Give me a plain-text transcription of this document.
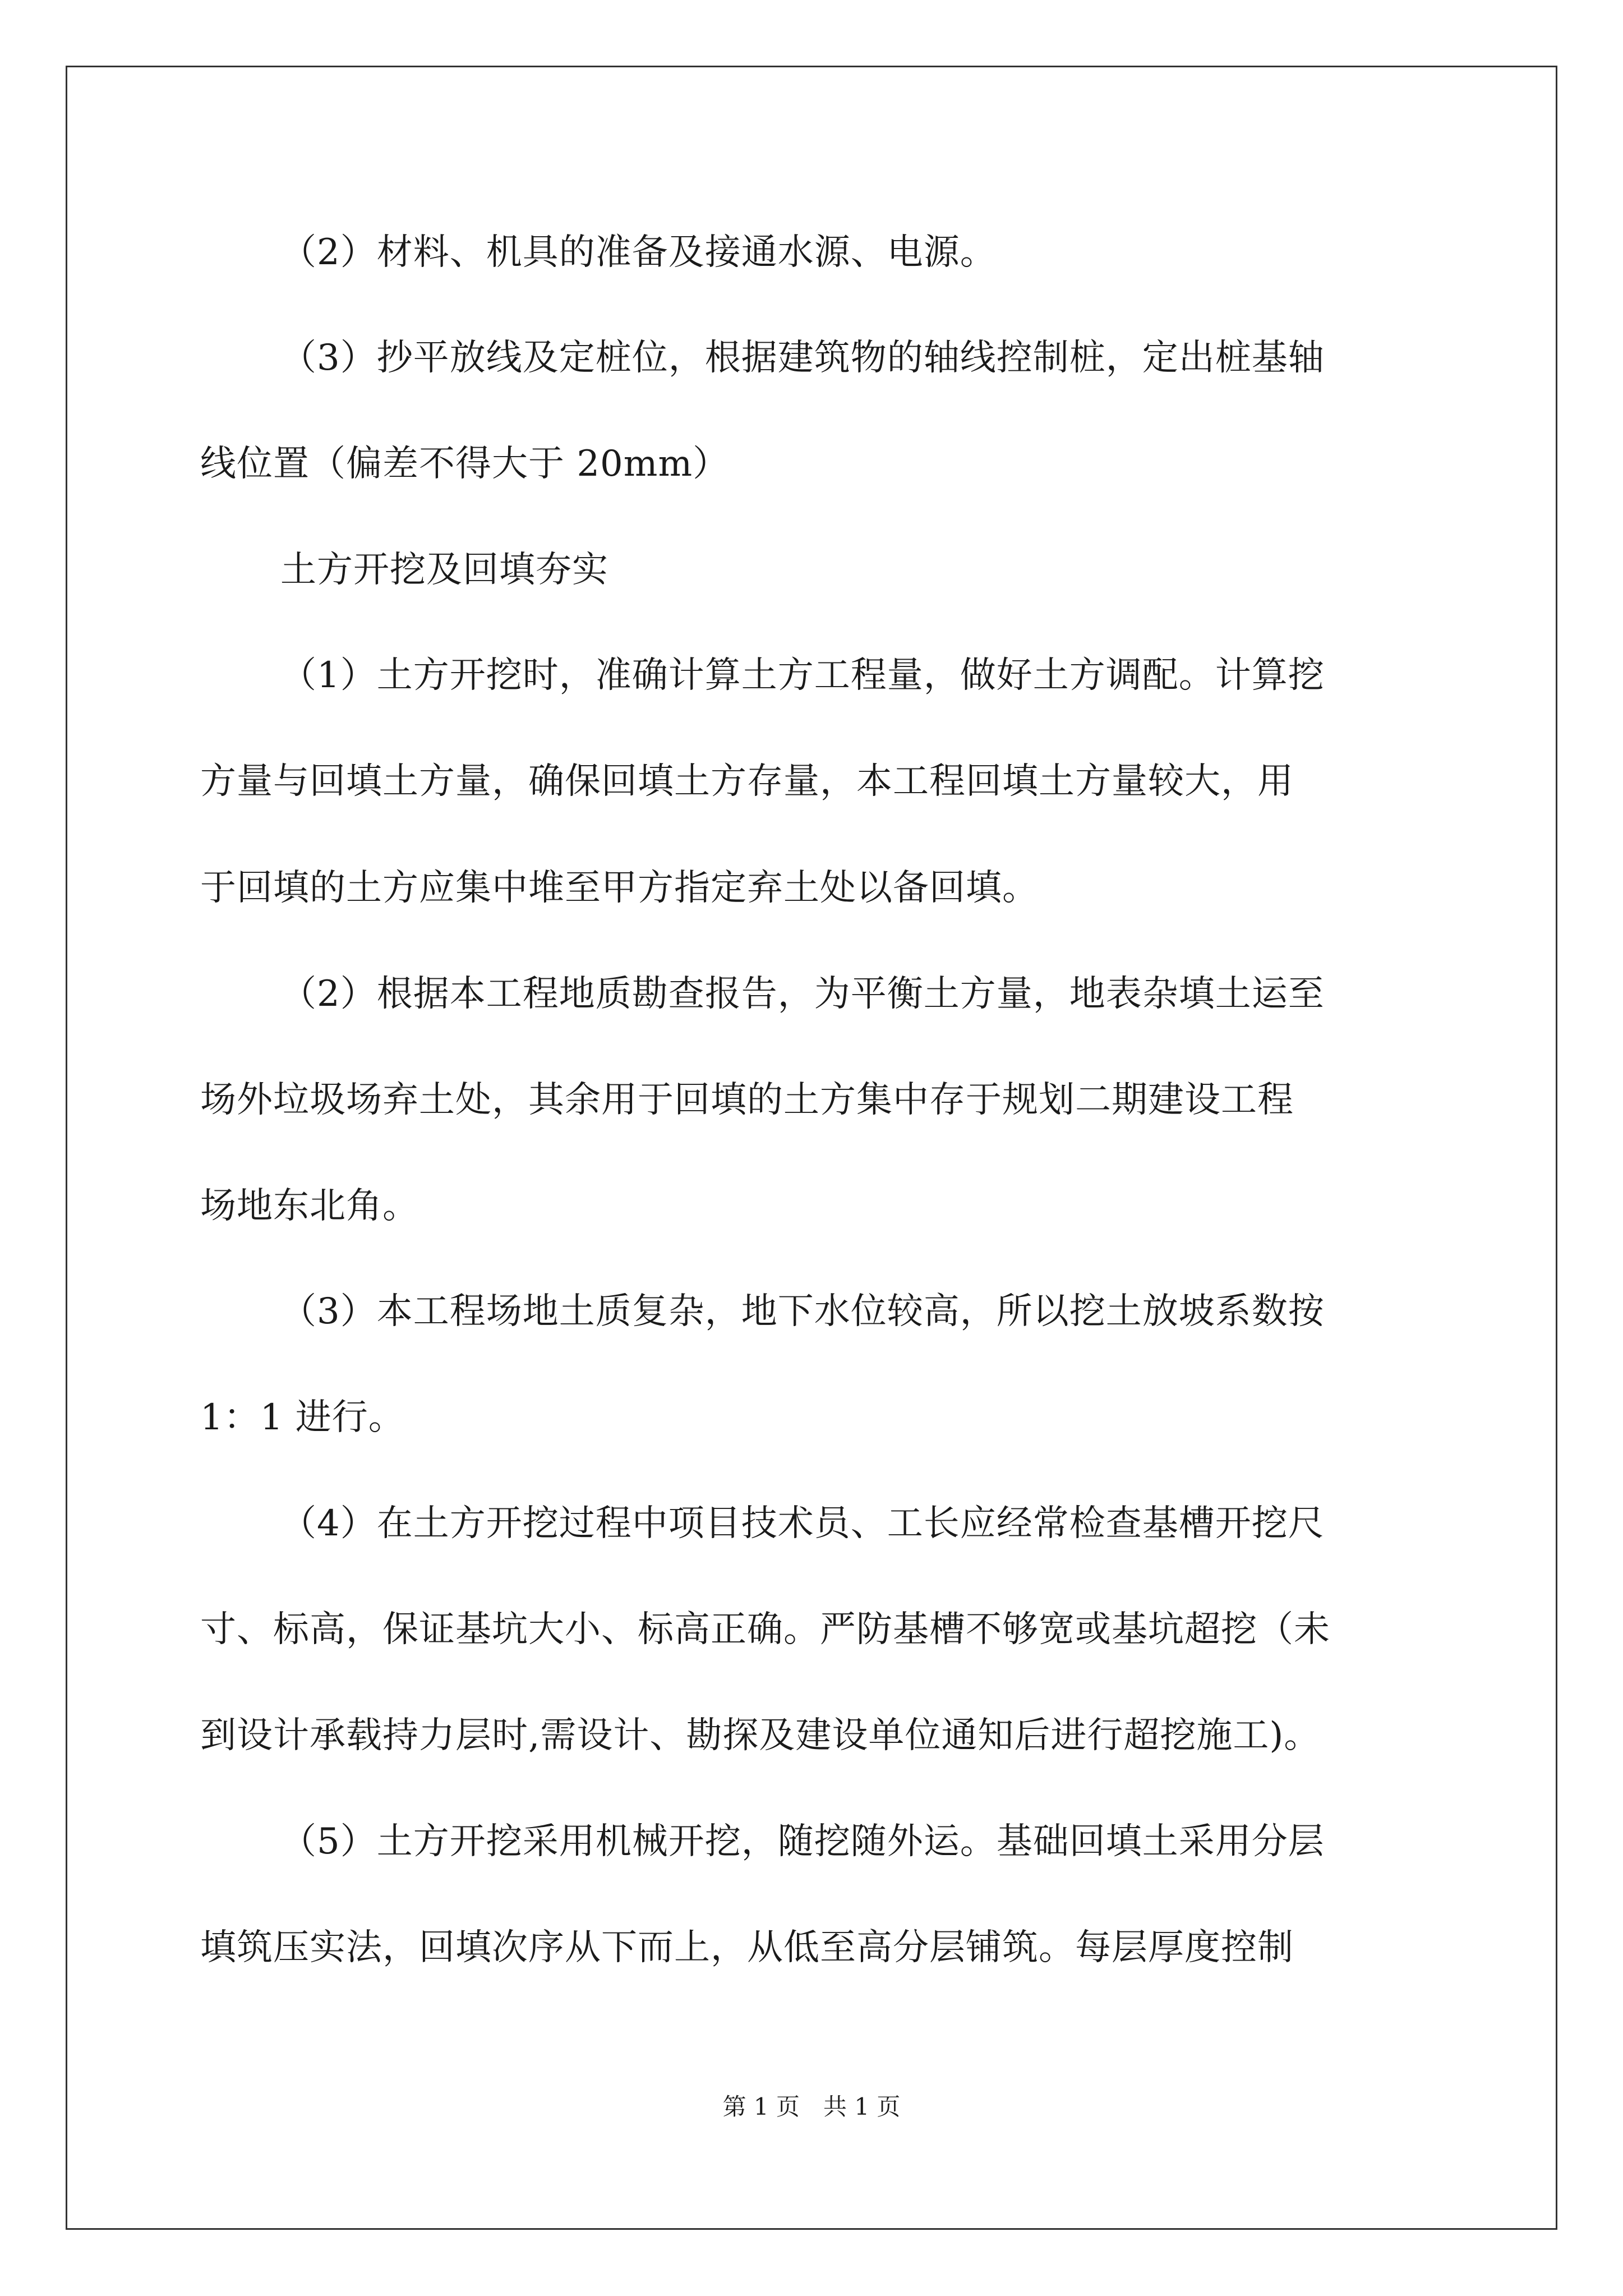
（2）材料、机具的准备及接通水源、电源。
（3）抄平放线及定桩位，根据建筑物的轴线控制桩，定出桩基轴
线位置（偏差不得大于 20mm）
土方开挖及回填夯实
（1）土方开挖时，准确计算土方工程量，做好土方调配。计算挖
方量与回填土方量，确保回填土方存量，本工程回填土方量较大，用
于回填的土方应集中堆至甲方指定弃土处以备回填。
（2）根据本工程地质勘查报告，为平衡土方量，地表杂填土运至
场外垃圾场弃土处，其余用于回填的土方集中存于规划二期建设工程
场地东北角。
（3）本工程场地土质复杂，地下水位较高，所以挖土放坡系数按
1：1 进行。
（4）在土方开挖过程中项目技术员、工长应经常检查基槽开挖尺
寸、标高，保证基坑大小、标高正确。严防基槽不够宽或基坑超挖（未
到设计承载持力层时,需设计、勘探及建设单位通知后进行超挖施工)。
（5）土方开挖采用机械开挖，随挖随外运。基础回填土采用分层
填筑压实法，回填次序从下而上，从低至高分层铺筑。每层厚度控制
第 1 页　共 1 页
